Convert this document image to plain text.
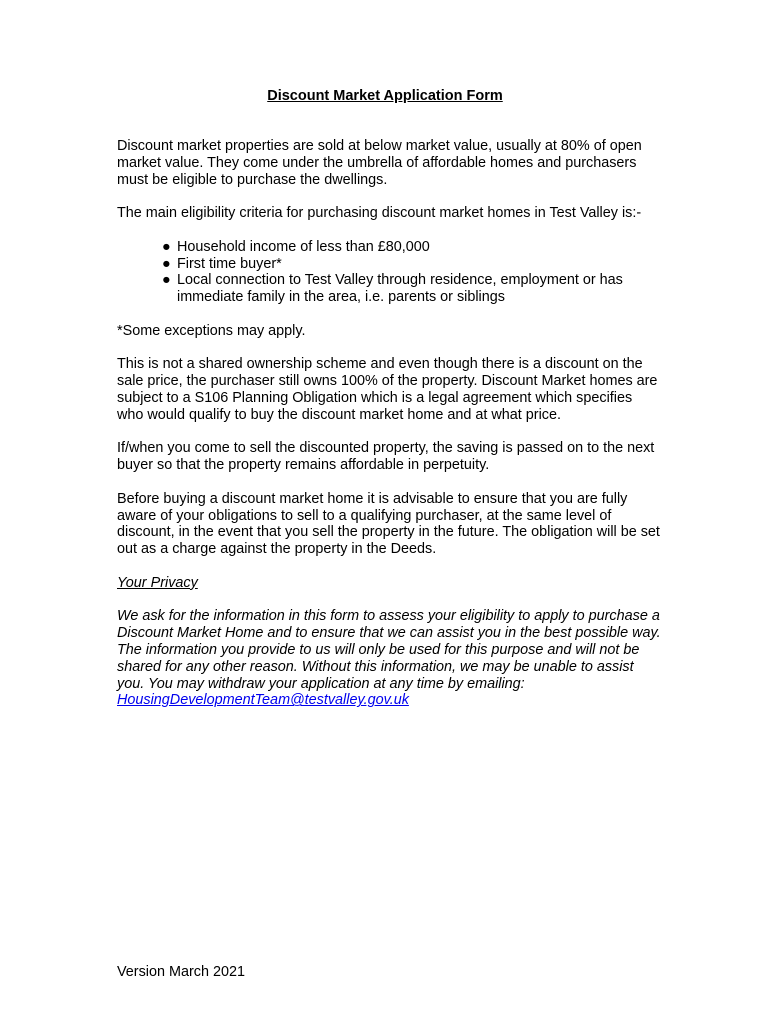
Discount Market Application Form

Discount market properties are sold at below market value, usually at 80% of open market value. They come under the umbrella of affordable homes and purchasers must be eligible to purchase the dwellings.

The main eligibility criteria for purchasing discount market homes in Test Valley is:-

● Household income of less than £80,000
● First time buyer*
● Local connection to Test Valley through residence, employment or has immediate family in the area, i.e. parents or siblings

*Some exceptions may apply.

This is not a shared ownership scheme and even though there is a discount on the sale price, the purchaser still owns 100% of the property. Discount Market homes are subject to a S106 Planning Obligation which is a legal agreement which specifies who would qualify to buy the discount market home and at what price.

If/when you come to sell the discounted property, the saving is passed on to the next buyer so that the property remains affordable in perpetuity.

Before buying a discount market home it is advisable to ensure that you are fully aware of your obligations to sell to a qualifying purchaser, at the same level of discount, in the event that you sell the property in the future. The obligation will be set out as a charge against the property in the Deeds.

Your Privacy

We ask for the information in this form to assess your eligibility to apply to purchase a Discount Market Home and to ensure that we can assist you in the best possible way. The information you provide to us will only be used for this purpose and will not be shared for any other reason. Without this information, we may be unable to assist you. You may withdraw your application at any time by emailing:
HousingDevelopmentTeam@testvalley.gov.uk

Version March 2021
